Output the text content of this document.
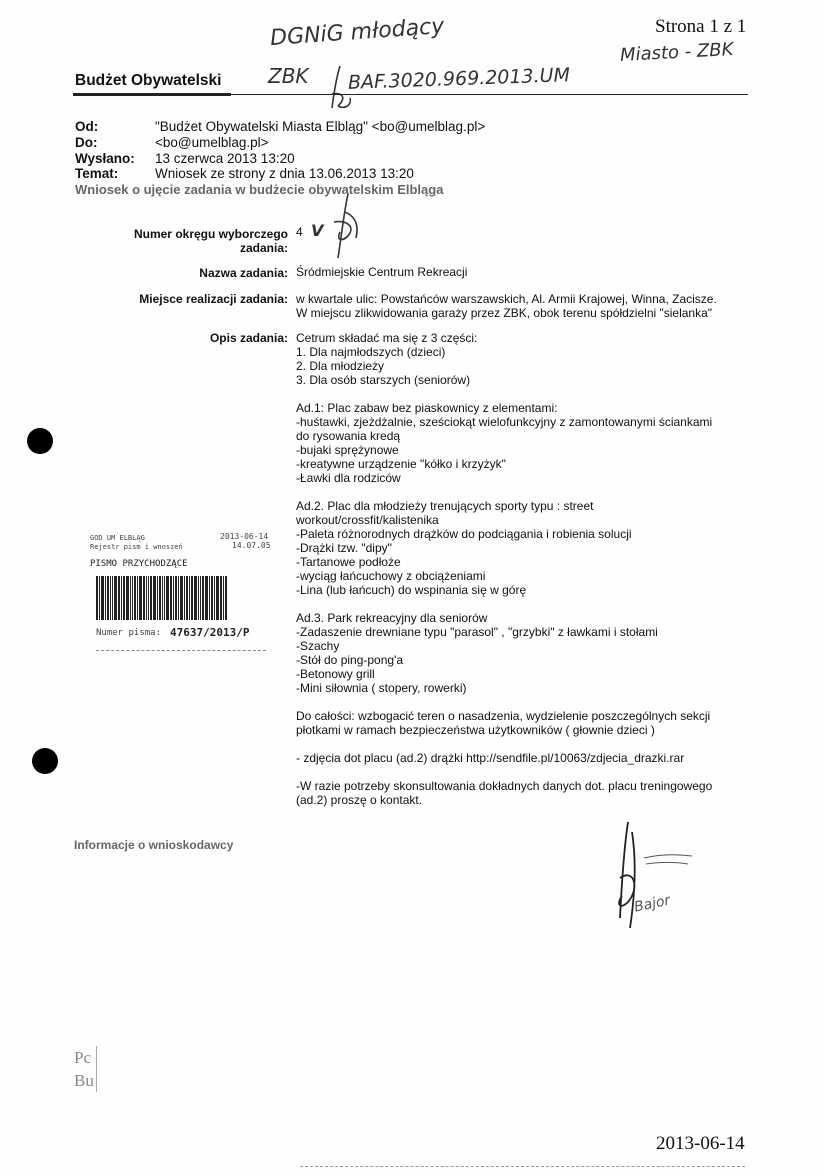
Strona 1 z 1
DGNiG młodący
Miasto - ZBK
ZBK BAF.3020.969.2013.UM
Budżet Obywatelski
Od:	"Budżet Obywatelski Miasta Elbląg" <bo@umelblag.pl>
Do:	<bo@umelblag.pl>
Wysłano: 13 czerwca 2013 13:20
Temat:	Wniosek ze strony z dnia 13.06.2013 13:20
Wniosek o ujęcie zadania w budżecie obywatelskim Elbląga
Numer okręgu wyborczego
zadania:
4 V
Nazwa zadania: Śródmiejskie Centrum Rekreacji
Miejsce realizacji zadania: w kwartale ulic: Powstańców warszawskich, Al. Armii Krajowej, Winna, Zacisze.
W miejscu zlikwidowania garaży przez ZBK, obok terenu spółdzielni "sielanka"
Opis zadania: Cetrum składać ma się z 3 części:
1. Dla najmłodszych (dzieci)
2. Dla młodzieży
3. Dla osób starszych (seniorów)
Ad.1: Plac zabaw bez piaskownicy z elementami:
-huśtawki, zjeżdżalnie, sześciokąt wielofunkcyjny z zamontowanymi ściankami
do rysowania kredą
-bujaki sprężynowe
-kreatywne urządzenie "kółko i krzyżyk"
-Ławki dla rodziców
Ad.2. Plac dla młodzieży trenujących sporty typu : street
workout/crossfit/kalistenika
-Paleta różnorodnych drążków do podciągania i robienia solucji
-Drążki tzw. "dipy"
-Tartanowe podłoże
-wyciąg łańcuchowy z obciążeniami
-Lina (lub łańcuch) do wspinania się w górę
Ad.3. Park rekreacyjny dla seniorów
-Zadaszenie drewniane typu "parasol" , "grzybki" z ławkami i stołami
-Szachy
-Stół do ping-pong'a
-Betonowy grill
-Mini siłownia ( stopery, rowerki)
Do całości: wzbogacić teren o nasadzenia, wydzielenie poszczególnych sekcji
płotkami w ramach bezpieczeństwa użytkowników ( głownie dzieci )
- zdjęcia dot placu (ad.2) drążki http://sendfile.pl/10063/zdjecia_drazki.rar
-W razie potrzeby skonsultowania dokładnych danych dot. placu treningowego
(ad.2) proszę o kontakt.
Informacje o wnioskodawcy
GOD UM ELBLĄG	2013-06-14
Rejestr pism i wnoszeń	14.07.05
PISMO PRZYCHODZĄCE
Numer pisma: 47637/2013/P
Bajor
Pc
Bu
2013-06-14
